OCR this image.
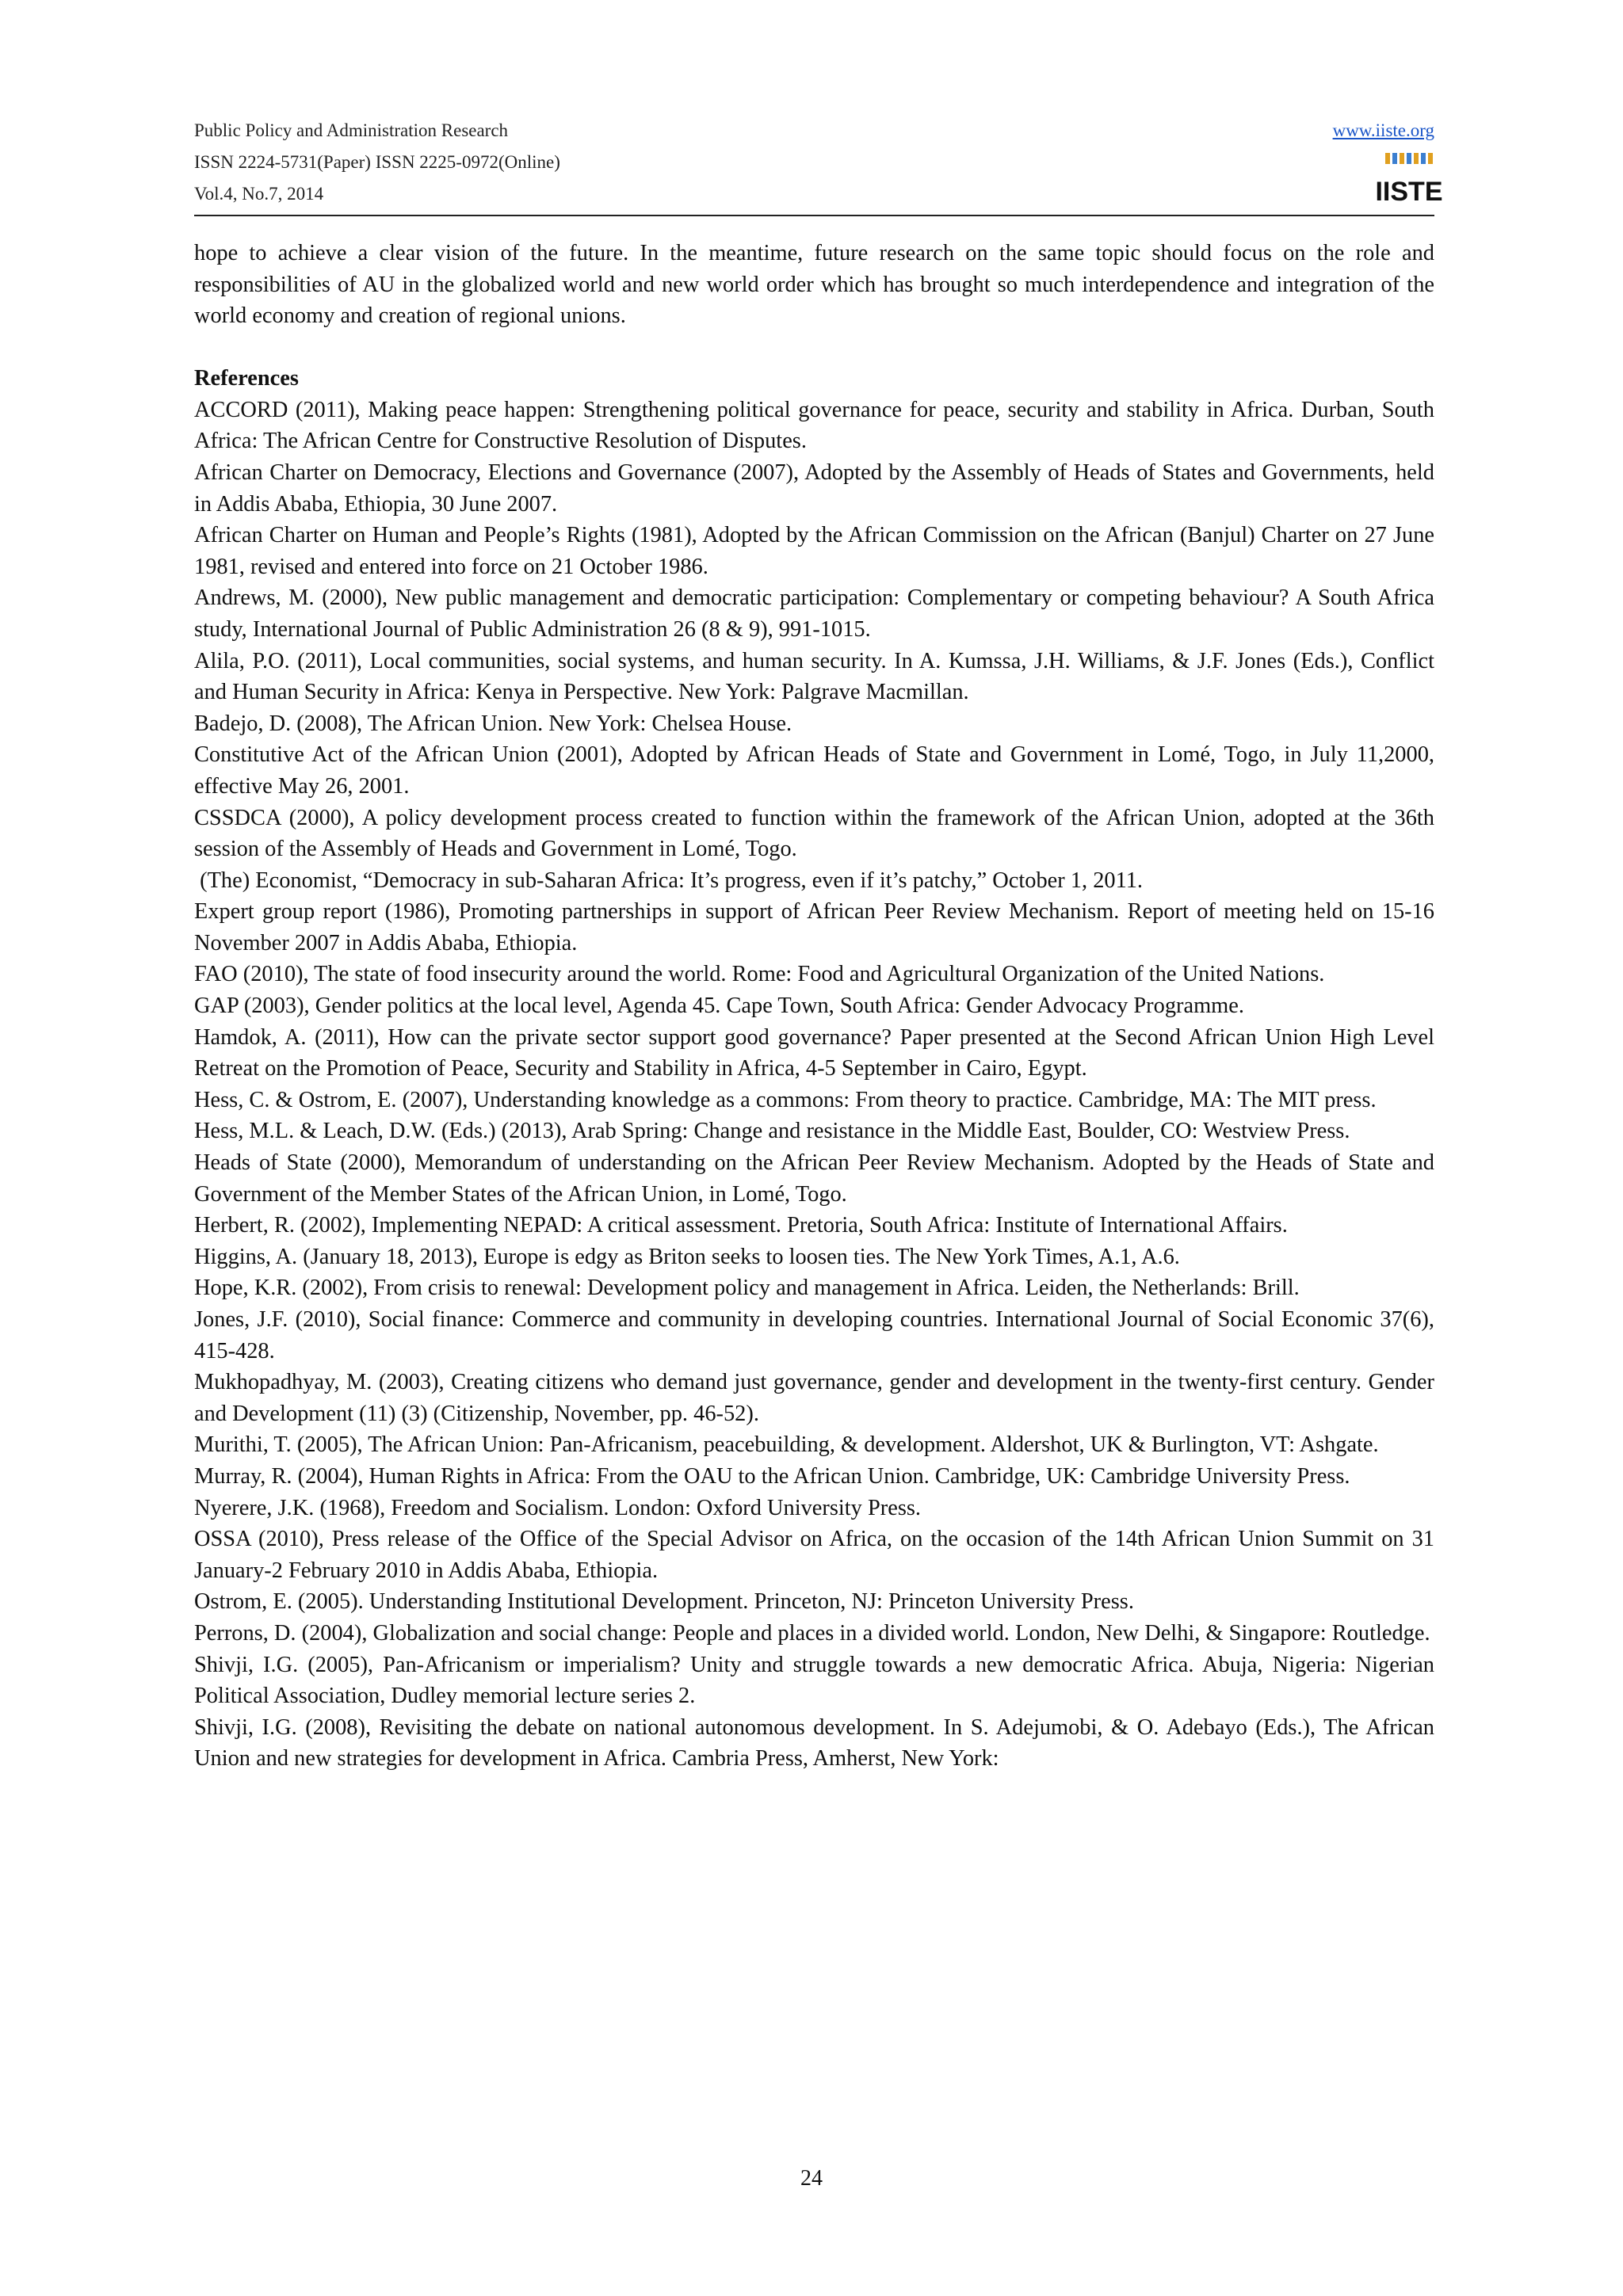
Public Policy and Administration Research
ISSN 2224-5731(Paper) ISSN 2225-0972(Online)
Vol.4, No.7, 2014
www.iiste.org
IISTE

hope to achieve a clear vision of the future. In the meantime, future research on the same topic should focus on the role and responsibilities of AU in the globalized world and new world order which has brought so much interdependence and integration of the world economy and creation of regional unions.

References

ACCORD (2011), Making peace happen: Strengthening political governance for peace, security and stability in Africa. Durban, South Africa: The African Centre for Constructive Resolution of Disputes.

African Charter on Democracy, Elections and Governance (2007), Adopted by the Assembly of Heads of States and Governments, held in Addis Ababa, Ethiopia, 30 June 2007.

African Charter on Human and People’s Rights (1981), Adopted by the African Commission on the African (Banjul) Charter on 27 June 1981, revised and entered into force on 21 October 1986.

Andrews, M. (2000), New public management and democratic participation: Complementary or competing behaviour? A South Africa study, International Journal of Public Administration 26 (8 & 9), 991-1015.

Alila, P.O. (2011), Local communities, social systems, and human security. In A. Kumssa, J.H. Williams, & J.F. Jones (Eds.), Conflict and Human Security in Africa: Kenya in Perspective. New York: Palgrave Macmillan.

Badejo, D. (2008), The African Union. New York: Chelsea House.

Constitutive Act of the African Union (2001), Adopted by African Heads of State and Government in Lomé, Togo, in July 11,2000, effective May 26, 2001.

CSSDCA (2000), A policy development process created to function within the framework of the African Union, adopted at the 36th session of the Assembly of Heads and Government in Lomé, Togo.

(The) Economist, “Democracy in sub-Saharan Africa: It’s progress, even if it’s patchy,” October 1, 2011.

Expert group report (1986), Promoting partnerships in support of African Peer Review Mechanism. Report of meeting held on 15-16 November 2007 in Addis Ababa, Ethiopia.

FAO (2010), The state of food insecurity around the world. Rome: Food and Agricultural Organization of the United Nations.

GAP (2003), Gender politics at the local level, Agenda 45. Cape Town, South Africa: Gender Advocacy Programme.

Hamdok, A. (2011), How can the private sector support good governance? Paper presented at the Second African Union High Level Retreat on the Promotion of Peace, Security and Stability in Africa, 4-5 September in Cairo, Egypt.

Hess, C. & Ostrom, E. (2007), Understanding knowledge as a commons: From theory to practice. Cambridge, MA: The MIT press.

Hess, M.L. & Leach, D.W. (Eds.) (2013), Arab Spring: Change and resistance in the Middle East, Boulder, CO: Westview Press.

Heads of State (2000), Memorandum of understanding on the African Peer Review Mechanism. Adopted by the Heads of State and Government of the Member States of the African Union, in Lomé, Togo.

Herbert, R. (2002), Implementing NEPAD: A critical assessment. Pretoria, South Africa: Institute of International Affairs.

Higgins, A. (January 18, 2013), Europe is edgy as Briton seeks to loosen ties. The New York Times, A.1, A.6.

Hope, K.R. (2002), From crisis to renewal: Development policy and management in Africa. Leiden, the Netherlands: Brill.

Jones, J.F. (2010), Social finance: Commerce and community in developing countries. International Journal of Social Economic 37(6), 415-428.

Mukhopadhyay, M. (2003), Creating citizens who demand just governance, gender and development in the twenty-first century. Gender and Development (11) (3) (Citizenship, November, pp. 46-52).

Murithi, T. (2005), The African Union: Pan-Africanism, peacebuilding, & development. Aldershot, UK & Burlington, VT: Ashgate.

Murray, R. (2004), Human Rights in Africa: From the OAU to the African Union. Cambridge, UK: Cambridge University Press.

Nyerere, J.K. (1968), Freedom and Socialism. London: Oxford University Press.

OSSA (2010), Press release of the Office of the Special Advisor on Africa, on the occasion of the 14th African Union Summit on 31 January-2 February 2010 in Addis Ababa, Ethiopia.

Ostrom, E. (2005). Understanding Institutional Development. Princeton, NJ: Princeton University Press.

Perrons, D. (2004), Globalization and social change: People and places in a divided world. London, New Delhi, & Singapore: Routledge.

Shivji, I.G. (2005), Pan-Africanism or imperialism? Unity and struggle towards a new democratic Africa. Abuja, Nigeria: Nigerian Political Association, Dudley memorial lecture series 2.

Shivji, I.G. (2008), Revisiting the debate on national autonomous development. In S. Adejumobi, & O. Adebayo (Eds.), The African Union and new strategies for development in Africa. Cambria Press, Amherst, New York:

24
